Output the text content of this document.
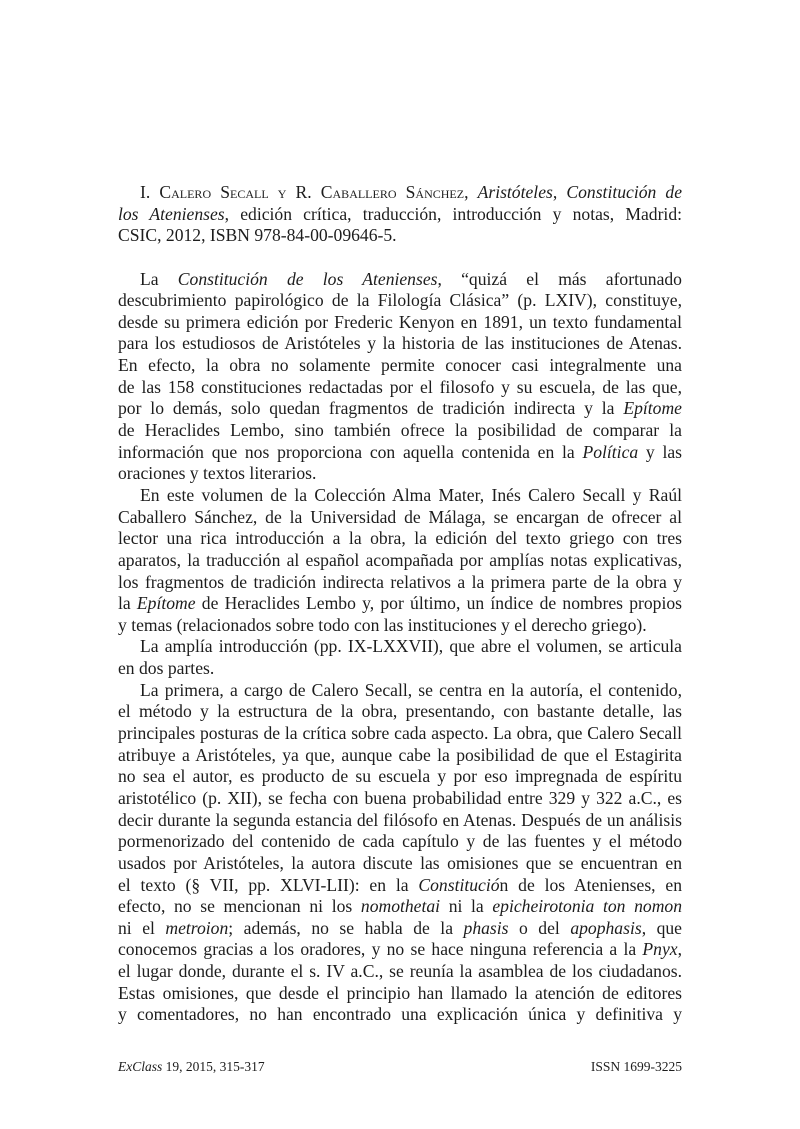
I. Calero Secall y R. Caballero Sánchez, Aristóteles, Constitución de
los Atenienses, edición crítica, traducción, introducción y notas, Madrid:
CSIC, 2012, ISBN 978-84-00-09646-5.
La Constitución de los Atenienses, “quizá el más afortunado
descubrimiento papirológico de la Filología Clásica” (p. LXIV), constituye,
desde su primera edición por Frederic Kenyon en 1891, un texto fundamental
para los estudiosos de Aristóteles y la historia de las instituciones de Atenas.
En efecto, la obra no solamente permite conocer casi integralmente una
de las 158 constituciones redactadas por el filosofo y su escuela, de las que,
por lo demás, solo quedan fragmentos de tradición indirecta y la Epítome
de Heraclides Lembo, sino también ofrece la posibilidad de comparar la
información que nos proporciona con aquella contenida en la Política y las
oraciones y textos literarios.
En este volumen de la Colección Alma Mater, Inés Calero Secall y Raúl
Caballero Sánchez, de la Universidad de Málaga, se encargan de ofrecer al
lector una rica introducción a la obra, la edición del texto griego con tres
aparatos, la traducción al español acompañada por amplías notas explicativas,
los fragmentos de tradición indirecta relativos a la primera parte de la obra y
la Epítome de Heraclides Lembo y, por último, un índice de nombres propios
y temas (relacionados sobre todo con las instituciones y el derecho griego).
La amplía introducción (pp. IX-LXXVII), que abre el volumen, se articula
en dos partes.
La primera, a cargo de Calero Secall, se centra en la autoría, el contenido,
el método y la estructura de la obra, presentando, con bastante detalle, las
principales posturas de la crítica sobre cada aspecto. La obra, que Calero Secall
atribuye a Aristóteles, ya que, aunque cabe la posibilidad de que el Estagirita
no sea el autor, es producto de su escuela y por eso impregnada de espíritu
aristotélico (p. XII), se fecha con buena probabilidad entre 329 y 322 a.C., es
decir durante la segunda estancia del filósofo en Atenas. Después de un análisis
pormenorizado del contenido de cada capítulo y de las fuentes y el método
usados por Aristóteles, la autora discute las omisiones que se encuentran en
el texto (§ VII, pp. XLVI-LII): en la Constitución de los Atenienses, en
efecto, no se mencionan ni los nomothetai ni la epicheirotonia ton nomon
ni el metroion; además, no se habla de la phasis o del apophasis, que
conocemos gracias a los oradores, y no se hace ninguna referencia a la Pnyx,
el lugar donde, durante el s. IV a.C., se reunía la asamblea de los ciudadanos.
Estas omisiones, que desde el principio han llamado la atención de editores
y comentadores, no han encontrado una explicación única y definitiva y
ExClass 19, 2015, 315-317	ISSN 1699-3225
